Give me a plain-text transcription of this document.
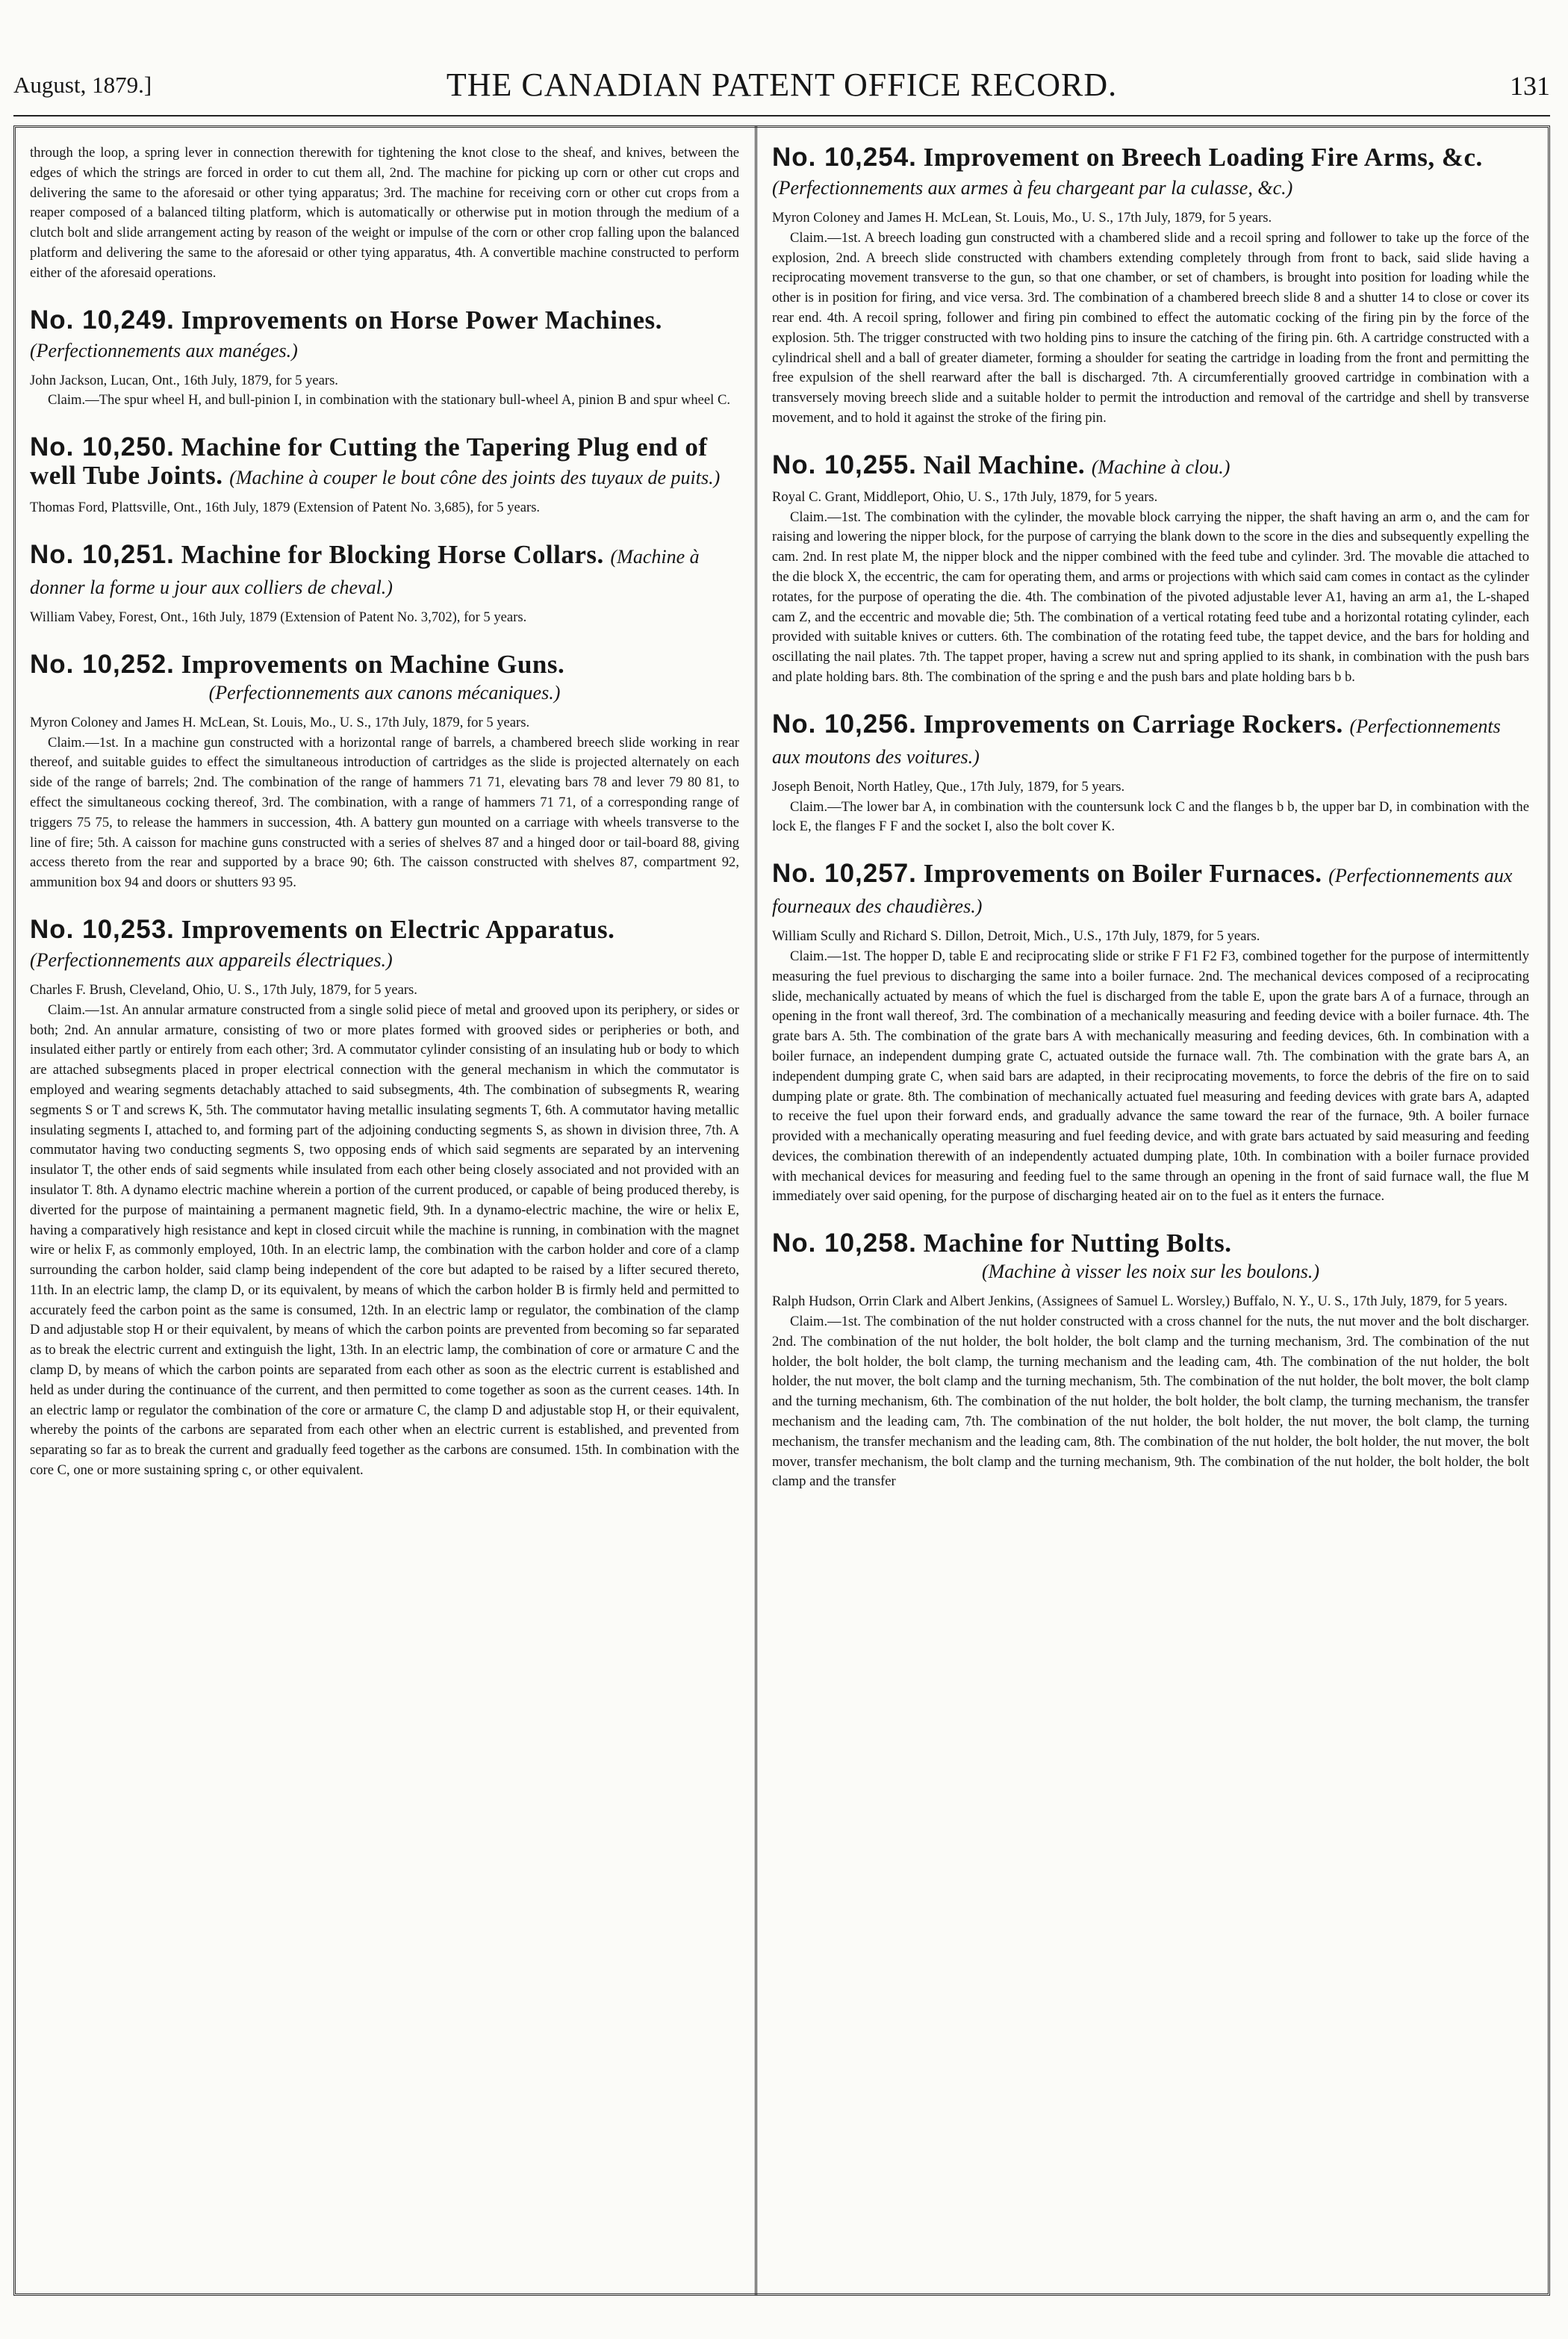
August, 1879.]	THE CANADIAN PATENT OFFICE RECORD.	131

through the loop, a spring lever in connection therewith for tightening the knot close to the sheaf, and knives, between the edges of which the strings are forced in order to cut them all, 2nd. The machine for picking up corn or other cut crops and delivering the same to the aforesaid or other tying apparatus; 3rd. The machine for receiving corn or other cut crops from a reaper composed of a balanced tilting platform, which is automatically or otherwise put in motion through the medium of a clutch bolt and slide arrangement acting by reason of the weight or impulse of the corn or other crop falling upon the balanced platform and delivering the same to the aforesaid or other tying apparatus, 4th. A convertible machine constructed to perform either of the aforesaid operations.

No. 10,249. Improvements on Horse Power Machines. (Perfectionnements aux manéges.)

John Jackson, Lucan, Ont., 16th July, 1879, for 5 years.

Claim.—The spur wheel H, and bull-pinion I, in combination with the stationary bull-wheel A, pinion B and spur wheel C.

No. 10,250. Machine for Cutting the Tapering Plug end of well Tube Joints. (Machine à couper le bout cône des joints des tuyaux de puits.)

Thomas Ford, Plattsville, Ont., 16th July, 1879 (Extension of Patent No. 3,685), for 5 years.

No. 10,251. Machine for Blocking Horse Collars. (Machine à donner la forme u jour aux colliers de cheval.)

William Vabey, Forest, Ont., 16th July, 1879 (Extension of Patent No. 3,702), for 5 years.

No. 10,252. Improvements on Machine Guns.
(Perfectionnements aux canons mécaniques.)

Myron Coloney and James H. McLean, St. Louis, Mo., U. S., 17th July, 1879, for 5 years.

Claim.—1st. In a machine gun constructed with a horizontal range of barrels, a chambered breech slide working in rear thereof, and suitable guides to effect the simultaneous introduction of cartridges as the slide is projected alternately on each side of the range of barrels; 2nd. The combination of the range of hammers 71 71, elevating bars 78 and lever 79 80 81, to effect the simultaneous cocking thereof, 3rd. The combination, with a range of hammers 71 71, of a corresponding range of triggers 75 75, to release the hammers in succession, 4th. A battery gun mounted on a carriage with wheels transverse to the line of fire; 5th. A caisson for machine guns constructed with a series of shelves 87 and a hinged door or tail-board 88, giving access thereto from the rear and supported by a brace 90; 6th. The caisson constructed with shelves 87, compartment 92, ammunition box 94 and doors or shutters 93 95.

No. 10,253. Improvements on Electric Apparatus. (Perfectionnements aux appareils électriques.)

Charles F. Brush, Cleveland, Ohio, U. S., 17th July, 1879, for 5 years.

Claim.—1st. An annular armature constructed from a single solid piece of metal and grooved upon its periphery, or sides or both; 2nd. An annular armature, consisting of two or more plates formed with grooved sides or peripheries or both, and insulated either partly or entirely from each other; 3rd. A commutator cylinder consisting of an insulating hub or body to which are attached subsegments placed in proper electrical connection with the general mechanism in which the commutator is employed and wearing segments detachably attached to said subsegments, 4th. The combination of subsegments R, wearing segments S or T and screws K, 5th. The commutator having metallic insulating segments T, 6th. A commutator having metallic insulating segments I, attached to, and forming part of the adjoining conducting segments S, as shown in division three, 7th. A commutator having two conducting segments S, two opposing ends of which said segments are separated by an intervening insulator T, the other ends of said segments while insulated from each other being closely associated and not provided with an insulator T. 8th. A dynamo electric machine wherein a portion of the current produced, or capable of being produced thereby, is diverted for the purpose of maintaining a permanent magnetic field, 9th. In a dynamo-electric machine, the wire or helix E, having a comparatively high resistance and kept in closed circuit while the machine is running, in combination with the magnet wire or helix F, as commonly employed, 10th. In an electric lamp, the combination with the carbon holder and core of a clamp surrounding the carbon holder, said clamp being independent of the core but adapted to be raised by a lifter secured thereto, 11th. In an electric lamp, the clamp D, or its equivalent, by means of which the carbon holder B is firmly held and permitted to accurately feed the carbon point as the same is consumed, 12th. In an electric lamp or regulator, the combination of the clamp D and adjustable stop H or their equivalent, by means of which the carbon points are prevented from becoming so far separated as to break the electric current and extinguish the light, 13th. In an electric lamp, the combination of core or armature C and the clamp D, by means of which the carbon points are separated from each other as soon as the electric current is established and held as under during the continuance of the current, and then permitted to come together as soon as the current ceases. 14th. In an electric lamp or regulator the combination of the core or armature C, the clamp D and adjustable stop H, or their equivalent, whereby the points of the carbons are separated from each other when an electric current is established, and prevented from separating so far as to break the current and gradually feed together as the carbons are consumed. 15th. In combination with the core C, one or more sustaining spring c, or other equivalent.

No. 10,254. Improvement on Breech Loading Fire Arms, &c. (Perfectionnements aux armes à feu chargeant par la culasse, &c.)

Myron Coloney and James H. McLean, St. Louis, Mo., U. S., 17th July, 1879, for 5 years.

Claim.—1st. A breech loading gun constructed with a chambered slide and a recoil spring and follower to take up the force of the explosion, 2nd. A breech slide constructed with chambers extending completely through from front to back, said slide having a reciprocating movement transverse to the gun, so that one chamber, or set of chambers, is brought into position for loading while the other is in position for firing, and vice versa. 3rd. The combination of a chambered breech slide 8 and a shutter 14 to close or cover its rear end. 4th. A recoil spring, follower and firing pin combined to effect the automatic cocking of the firing pin by the force of the explosion. 5th. The trigger constructed with two holding pins to insure the catching of the firing pin. 6th. A cartridge constructed with a cylindrical shell and a ball of greater diameter, forming a shoulder for seating the cartridge in loading from the front and permitting the free expulsion of the shell rearward after the ball is discharged. 7th. A circumferentially grooved cartridge in combination with a transversely moving breech slide and a suitable holder to permit the introduction and removal of the cartridge and shell by transverse movement, and to hold it against the stroke of the firing pin.

No. 10,255. Nail Machine. (Machine à clou.)

Royal C. Grant, Middleport, Ohio, U. S., 17th July, 1879, for 5 years.

Claim.—1st. The combination with the cylinder, the movable block carrying the nipper, the shaft having an arm o, and the cam for raising and lowering the nipper block, for the purpose of carrying the blank down to the score in the dies and subsequently expelling the cam. 2nd. In rest plate M, the nipper block and the nipper combined with the feed tube and cylinder. 3rd. The movable die attached to the die block X, the eccentric, the cam for operating them, and arms or projections with which said cam comes in contact as the cylinder rotates, for the purpose of operating the die. 4th. The combination of the pivoted adjustable lever A1, having an arm a1, the L-shaped cam Z, and the eccentric and movable die; 5th. The combination of a vertical rotating feed tube and a horizontal rotating cylinder, each provided with suitable knives or cutters. 6th. The combination of the rotating feed tube, the tappet device, and the bars for holding and oscillating the nail plates. 7th. The tappet proper, having a screw nut and spring applied to its shank, in combination with the push bars and plate holding bars. 8th. The combination of the spring e and the push bars and plate holding bars b b.

No. 10,256. Improvements on Carriage Rockers. (Perfectionnements aux moutons des voitures.)

Joseph Benoit, North Hatley, Que., 17th July, 1879, for 5 years.

Claim.—The lower bar A, in combination with the countersunk lock C and the flanges b b, the upper bar D, in combination with the lock E, the flanges F F and the socket I, also the bolt cover K.

No. 10,257. Improvements on Boiler Furnaces. (Perfectionnements aux fourneaux des chaudières.)

William Scully and Richard S. Dillon, Detroit, Mich., U.S., 17th July, 1879, for 5 years.

Claim.—1st. The hopper D, table E and reciprocating slide or strike F F1 F2 F3, combined together for the purpose of intermittently measuring the fuel previous to discharging the same into a boiler furnace. 2nd. The mechanical devices composed of a reciprocating slide, mechanically actuated by means of which the fuel is discharged from the table E, upon the grate bars A of a furnace, through an opening in the front wall thereof, 3rd. The combination of a mechanically measuring and feeding device with a boiler furnace. 4th. The grate bars A. 5th. The combination of the grate bars A with mechanically measuring and feeding devices, 6th. In combination with a boiler furnace, an independent dumping grate C, actuated outside the furnace wall. 7th. The combination with the grate bars A, an independent dumping grate C, when said bars are adapted, in their reciprocating movements, to force the debris of the fire on to said dumping plate or grate. 8th. The combination of mechanically actuated fuel measuring and feeding devices with grate bars A, adapted to receive the fuel upon their forward ends, and gradually advance the same toward the rear of the furnace, 9th. A boiler furnace provided with a mechanically operating measuring and fuel feeding device, and with grate bars actuated by said measuring and feeding devices, the combination therewith of an independently actuated dumping plate, 10th. In combination with a boiler furnace provided with mechanical devices for measuring and feeding fuel to the same through an opening in the front of said furnace wall, the flue M immediately over said opening, for the purpose of discharging heated air on to the fuel as it enters the furnace.

No. 10,258. Machine for Nutting Bolts.
(Machine à visser les noix sur les boulons.)

Ralph Hudson, Orrin Clark and Albert Jenkins, (Assignees of Samuel L. Worsley,) Buffalo, N. Y., U. S., 17th July, 1879, for 5 years.

Claim.—1st. The combination of the nut holder constructed with a cross channel for the nuts, the nut mover and the bolt discharger. 2nd. The combination of the nut holder, the bolt holder, the bolt clamp and the turning mechanism, 3rd. The combination of the nut holder, the bolt holder, the bolt clamp, the turning mechanism and the leading cam, 4th. The combination of the nut holder, the bolt holder, the nut mover, the bolt clamp and the turning mechanism, 5th. The combination of the nut holder, the bolt mover, the bolt clamp and the turning mechanism, 6th. The combination of the nut holder, the bolt holder, the bolt clamp, the turning mechanism, the transfer mechanism and the leading cam, 7th. The combination of the nut holder, the bolt holder, the nut mover, the bolt clamp, the turning mechanism, the transfer mechanism and the leading cam, 8th. The combination of the nut holder, the bolt holder, the nut mover, the bolt mover, transfer mechanism, the bolt clamp and the turning mechanism, 9th. The combination of the nut holder, the bolt holder, the bolt clamp and the transfer
